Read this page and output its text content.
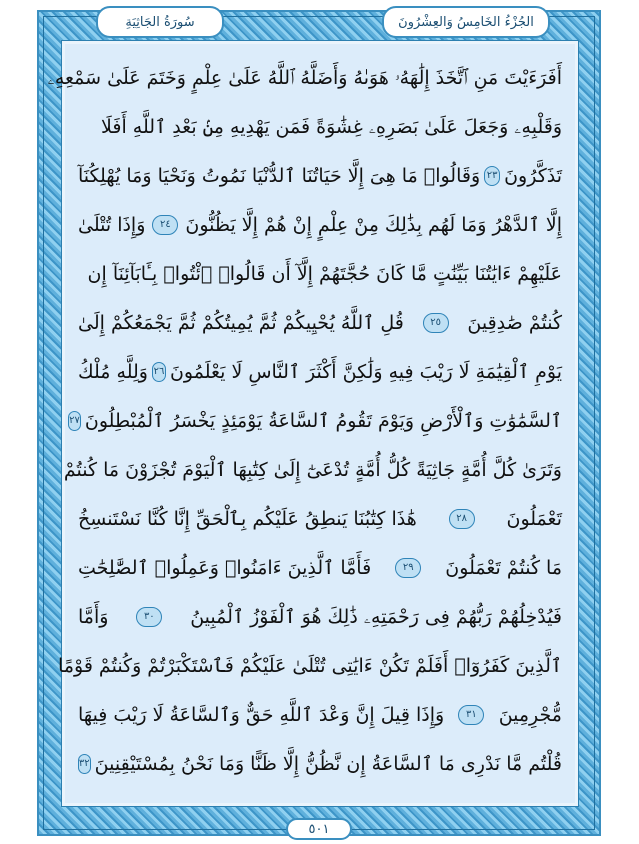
سُورَةُ الجَاثِيَةِ	الجُزْءُ الخَامِسُ وَالعِشْرُونَ
أَفَرَءَيْتَ مَنِ ٱتَّخَذَ إِلَٰهَهُۥ هَوَىٰهُ وَأَضَلَّهُ ٱللَّهُ عَلَىٰ عِلْمٍ وَخَتَمَ عَلَىٰ سَمْعِهِۦ
وَقَلْبِهِۦ وَجَعَلَ عَلَىٰ بَصَرِهِۦ غِشَٰوَةً فَمَن يَهْدِيهِ مِنۢ بَعْدِ ٱللَّهِ أَفَلَا
تَذَكَّرُونَ
٢٣
وَقَالُوا۟ مَا هِىَ إِلَّا حَيَاتُنَا ٱلدُّنْيَا نَمُوتُ وَنَحْيَا وَمَا يُهْلِكُنَآ
إِلَّا ٱلدَّهْرُ وَمَا لَهُم بِذَٰلِكَ مِنْ عِلْمٍ إِنْ هُمْ إِلَّا يَظُنُّونَ
٢٤
وَإِذَا تُتْلَىٰ
عَلَيْهِمْ ءَايَٰتُنَا بَيِّنَٰتٍ مَّا كَانَ حُجَّتَهُمْ إِلَّآ أَن قَالُوا۟ ٱئْتُوا۟ بِـَٔابَآئِنَآ إِن
كُنتُمْ صَٰدِقِينَ
٢٥
قُلِ ٱللَّهُ يُحْيِيكُمْ ثُمَّ يُمِيتُكُمْ ثُمَّ يَجْمَعُكُمْ إِلَىٰ
يَوْمِ ٱلْقِيَٰمَةِ لَا رَيْبَ فِيهِ وَلَٰكِنَّ أَكْثَرَ ٱلنَّاسِ لَا يَعْلَمُونَ
٢٦
وَلِلَّهِ مُلْكُ
ٱلسَّمَٰوَٰتِ وَٱلْأَرْضِ وَيَوْمَ تَقُومُ ٱلسَّاعَةُ يَوْمَئِذٍ يَخْسَرُ ٱلْمُبْطِلُونَ
٢٧
وَتَرَىٰ كُلَّ أُمَّةٍ جَاثِيَةً كُلُّ أُمَّةٍ تُدْعَىٰٓ إِلَىٰ كِتَٰبِهَا ٱلْيَوْمَ تُجْزَوْنَ مَا كُنتُمْ
تَعْمَلُونَ
٢٨
هَٰذَا كِتَٰبُنَا يَنطِقُ عَلَيْكُم بِٱلْحَقِّ إِنَّا كُنَّا نَسْتَنسِخُ
مَا كُنتُمْ تَعْمَلُونَ
٢٩
فَأَمَّا ٱلَّذِينَ ءَامَنُوا۟ وَعَمِلُوا۟ ٱلصَّٰلِحَٰتِ
فَيُدْخِلُهُمْ رَبُّهُمْ فِى رَحْمَتِهِۦ ذَٰلِكَ هُوَ ٱلْفَوْزُ ٱلْمُبِينُ
٣٠
وَأَمَّا
ٱلَّذِينَ كَفَرُوٓا۟ أَفَلَمْ تَكُنْ ءَايَٰتِى تُتْلَىٰ عَلَيْكُمْ فَٱسْتَكْبَرْتُمْ وَكُنتُمْ قَوْمًا
مُّجْرِمِينَ
٣١
وَإِذَا قِيلَ إِنَّ وَعْدَ ٱللَّهِ حَقٌّ وَٱلسَّاعَةُ لَا رَيْبَ فِيهَا
قُلْتُم مَّا نَدْرِى مَا ٱلسَّاعَةُ إِن نَّظُنُّ إِلَّا ظَنًّا وَمَا نَحْنُ بِمُسْتَيْقِنِينَ
٣٢
٥٠١
